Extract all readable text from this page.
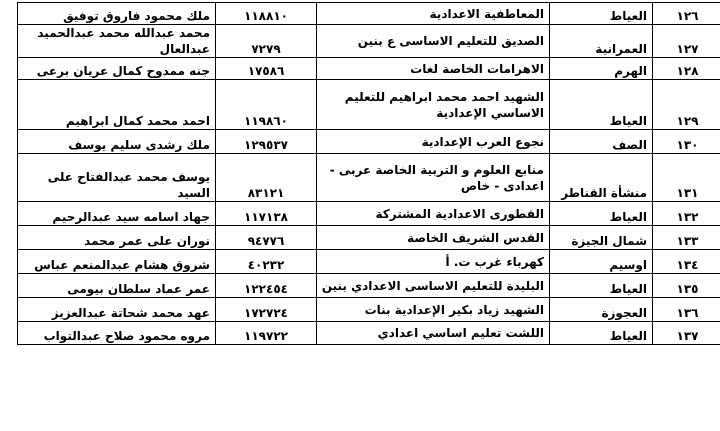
ملك محمود فاروق توفيق	١١٨٨١٠	المعاطفية الاعدادية	العياط	١٢٦
محمد عبدالله محمد عبدالحميد عبدالعال	٧٢٧٩	الصديق للتعليم الاساسى ع بنين	العمرانية	١٢٧
جنه ممدوح كمال عريان برعى	١٧٥٨٦	الاهرامات الخاصة لغات	الهرم	١٢٨
احمد محمد كمال ابراهيم	١١٩٨٦٠	الشهيد احمد محمد ابراهيم للتعليم
الاساسي الإعدادية	العياط	١٢٩
ملك رشدى سليم يوسف	١٢٩٥٣٧	نجوع العرب الإعدادية	الصف	١٣٠
يوسف محمد عبدالفتاح على السيد	٨٣١٢١	منابع العلوم و التربية الخاصة عربى -
اعدادى - خاص	منشأة القناطر	١٣١
جهاد اسامه سيد عبدالرحيم	١١٧١٣٨	القطورى الاعدادية المشتركة	العياط	١٣٢
نوران على عمر محمد	٩٤٧٧٦	القدس الشريف الخاصة	شمال الجيزة	١٣٣
شروق هشام عبدالمنعم عباس	٤٠٢٣٢	كهرباء غرب ت. أ	اوسيم	١٣٤
عمر عماد سلطان بيومى	١٢٢٤٥٤	البليدة للتعليم الاساسى الاعدادي بنين	العياط	١٣٥
عهد محمد شحاتة عبدالعزيز	١٧٢٧٢٤	الشهيد زياد بكير الإعدادية بنات	العجوزة	١٣٦
مروه محمود صلاح عبدالتواب	١١٩٧٢٢	اللشت تعليم اساسي اعدادي	العياط	١٣٧
